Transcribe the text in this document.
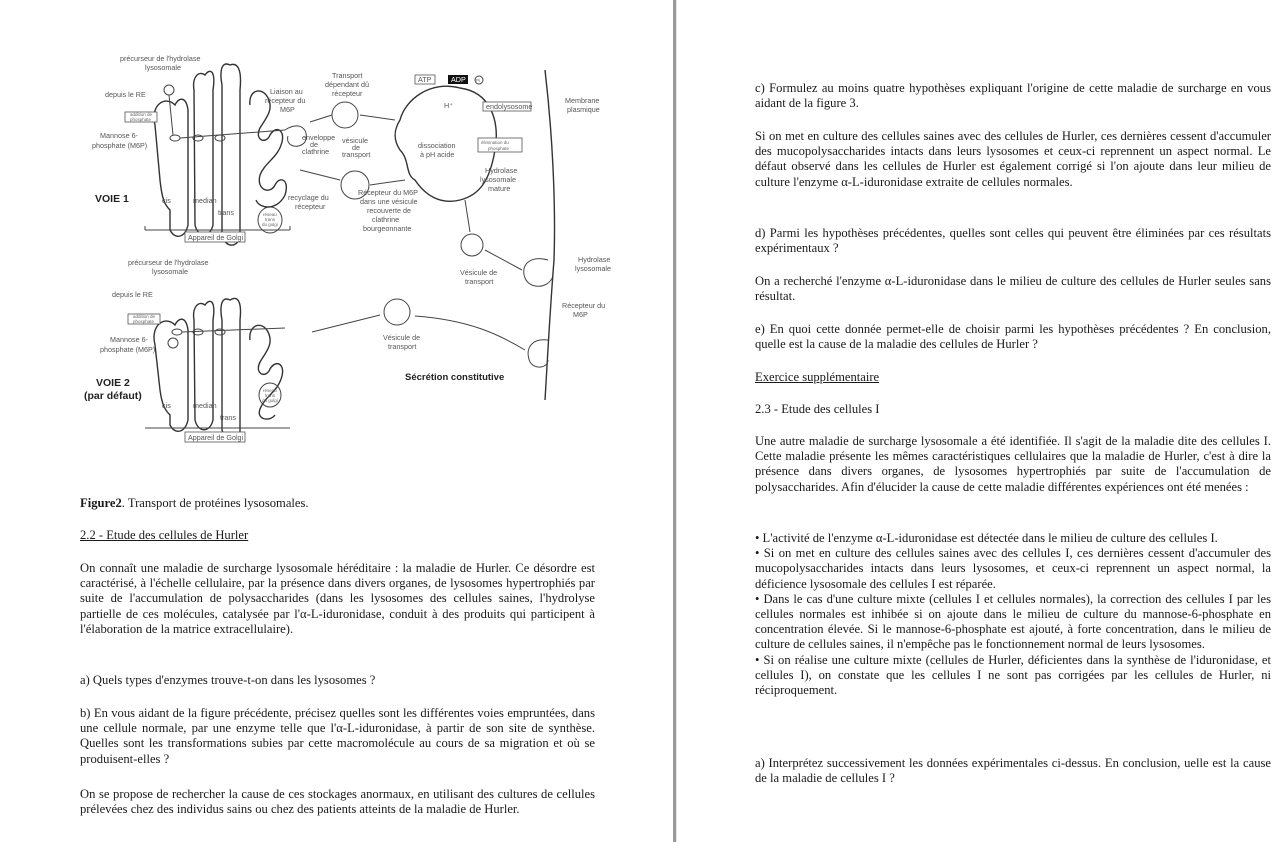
Appareil de Golgi
cis	median
trans	réseau
trans
du golgi
précurseur de l'hydrolase
lysosomale
depuis le RE
addition de
phosphate
Mannose 6-
phosphate (M6P)
VOIE 1
Liaison au
récepteur du
M6P
enveloppe
de
clathrine
Transport
dépendant dû
récepteur
vésicule
de
transport
ATP	ADP Pi
H⁺	endolysosome
dissociation
à pH acide
élimination du
phosphate
Hydrolase
lysosomale
mature
Membrane
plasmique
recyclage du
récepteur
Récepteur du M6P
dans une vésicule
recouverte de
clathrine
bourgeonnante
Vésicule de
transport
Hydrolase
lysosomale
Récepteur du
M6P
Appareil de Golgi
cis	median
trans
réseau
trans
du golgi
précurseur de l'hydrolase
lysosomale
depuis le RE
addition de
phosphate
Mannose 6-
phosphate (M6P)
VOIE 2
(par défaut)
Vésicule de
transport
Sécrétion constitutive

Figure2. Transport de protéines lysosomales.

2.2 - Etude des cellules de Hurler

On connaît une maladie de surcharge lysosomale héréditaire : la maladie de Hurler. Ce désordre est caractérisé, à l'échelle cellulaire, par la présence dans divers organes, de lysosomes hypertrophiés par suite de l'accumulation de polysaccharides (dans les lysosomes des cellules saines, l'hydrolyse partielle de ces molécules, catalysée par l'α-L-iduronidase, conduit à des produits qui participent à l'élaboration de la matrice extracellulaire).

a) Quels types d'enzymes trouve-t-on dans les lysosomes ?

b) En vous aidant de la figure précédente, précisez quelles sont les différentes voies empruntées, dans une cellule normale, par une enzyme telle que l'α-L-iduronidase, à partir de son site de synthèse. Quelles sont les transformations subies par cette macromolécule au cours de sa migration et où se produisent-elles ?

On se propose de rechercher la cause de ces stockages anormaux, en utilisant des cultures de cellules prélevées chez des individus sains ou chez des patients atteints de la maladie de Hurler.

c) Formulez au moins quatre hypothèses expliquant l'origine de cette maladie de surcharge en vous aidant de la figure 3.

Si on met en culture des cellules saines avec des cellules de Hurler, ces dernières cessent d'accumuler des mucopolysaccharides intacts dans leurs lysosomes et ceux-ci reprennent un aspect normal. Le défaut observé dans les cellules de Hurler est également corrigé si l'on ajoute dans leur milieu de culture l'enzyme α-L-iduronidase extraite de cellules normales.

d) Parmi les hypothèses précédentes, quelles sont celles qui peuvent être éliminées par ces résultats expérimentaux ?

On a recherché l'enzyme α-L-iduronidase dans le milieu de culture des cellules de Hurler seules sans résultat.

e) En quoi cette donnée permet-elle de choisir parmi les hypothèses précédentes ? En conclusion, quelle est la cause de la maladie des cellules de Hurler ?

Exercice supplémentaire

2.3 - Etude des cellules I

Une autre maladie de surcharge lysosomale a été identifiée. Il s'agit de la maladie dite des cellules I. Cette maladie présente les mêmes caractéristiques cellulaires que la maladie de Hurler, c'est à dire la présence dans divers organes, de lysosomes hypertrophiés par suite de l'accumulation de polysaccharides. Afin d'élucider la cause de cette maladie différentes expériences ont été menées :

• L'activité de l'enzyme α-L-iduronidase est détectée dans le milieu de culture des cellules I.

• Si on met en culture des cellules saines avec des cellules I, ces dernières cessent d'accumuler des mucopolysaccharides intacts dans leurs lysosomes, et ceux-ci reprennent un aspect normal, la déficience lysosomale des cellules I est réparée.

• Dans le cas d'une culture mixte (cellules I et cellules normales), la correction des cellules I par les cellules normales est inhibée si on ajoute dans le milieu de culture du mannose-6-phosphate en concentration élevée. Si le mannose-6-phosphate est ajouté, à forte concentration, dans le milieu de culture de cellules saines, il n'empêche pas le fonctionnement normal de leurs lysosomes.

• Si on réalise une culture mixte (cellules de Hurler, déficientes dans la synthèse de l'iduronidase, et cellules I), on constate que les cellules I ne sont pas corrigées par les cellules de Hurler, ni réciproquement.

a) Interprétez successivement les données expérimentales ci-dessus. En conclusion, uelle est la cause de la maladie de cellules I ?
